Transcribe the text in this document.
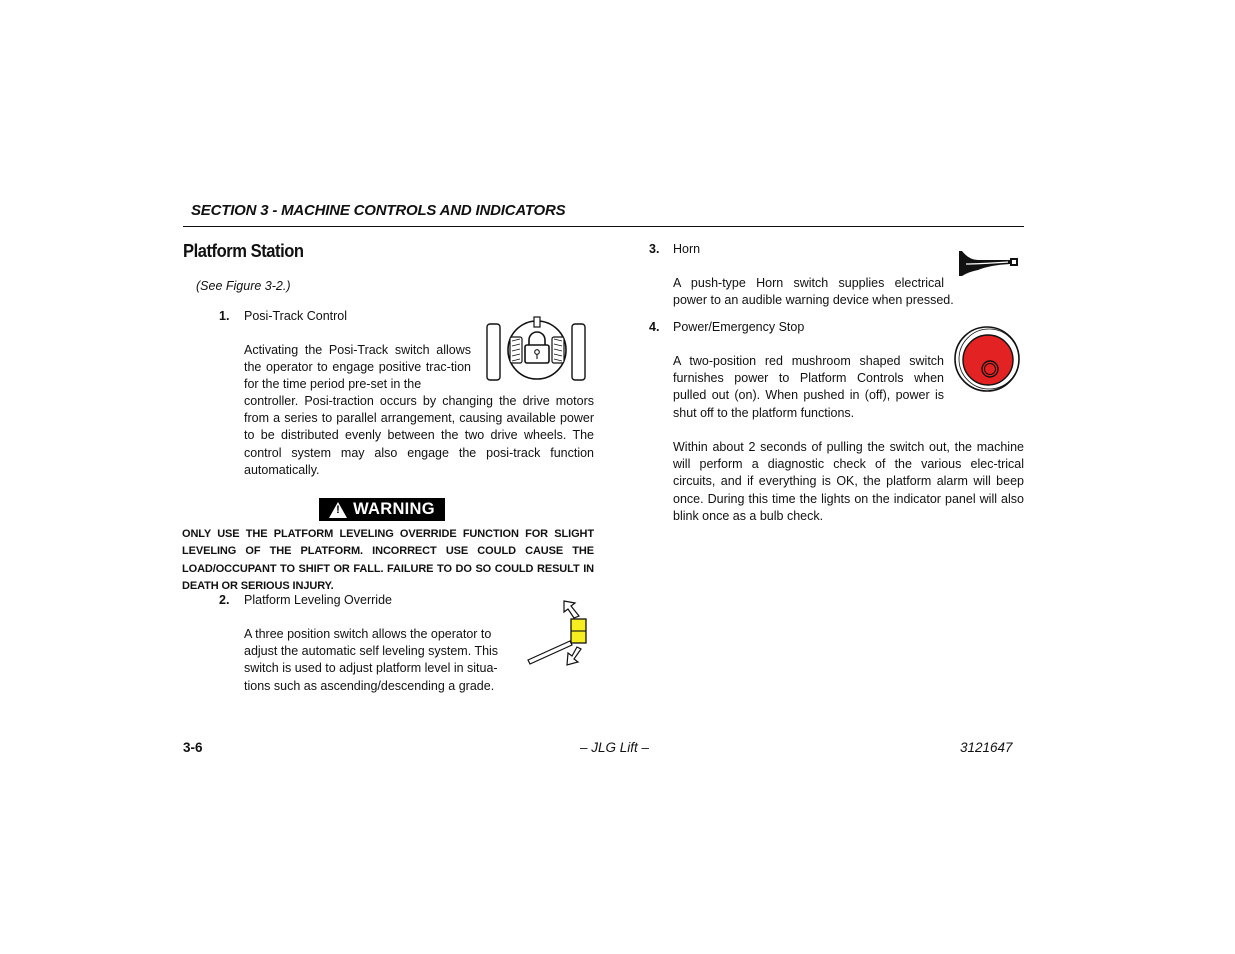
SECTION 3 - MACHINE CONTROLS AND INDICATORS
Platform Station
(See Figure 3-2.)
1. Posi-Track Control
Activating the Posi-Track switch allows the operator to engage positive trac-tion for the time period pre-set in the
controller. Posi-traction occurs by changing the drive motors from a series to parallel arrangement, causing available power to be distributed evenly between the two drive wheels. The control system may also engage the posi-track function automatically.
! WARNING
ONLY USE THE PLATFORM LEVELING OVERRIDE FUNCTION FOR SLIGHT LEVELING OF THE PLATFORM. INCORRECT USE COULD CAUSE THE LOAD/OCCUPANT TO SHIFT OR FALL. FAILURE TO DO SO COULD RESULT IN DEATH OR SERIOUS INJURY.
2. Platform Leveling Override
A three position switch allows the operator to adjust the automatic self leveling system. This switch is used to adjust platform level in situa-tions such as ascending/descending a grade.
3. Horn
A push-type Horn switch supplies electrical
power to an audible warning device when pressed.
4. Power/Emergency Stop
A two-position red mushroom shaped switch furnishes power to Platform Controls when pulled out (on). When pushed in (off), power is shut off to the platform functions.
Within about 2 seconds of pulling the switch out, the machine will perform a diagnostic check of the various elec-trical circuits, and if everything is OK, the platform alarm will beep once. During this time the lights on the indicator panel will also blink once as a bulb check.
3-6	– JLG Lift –	3121647
